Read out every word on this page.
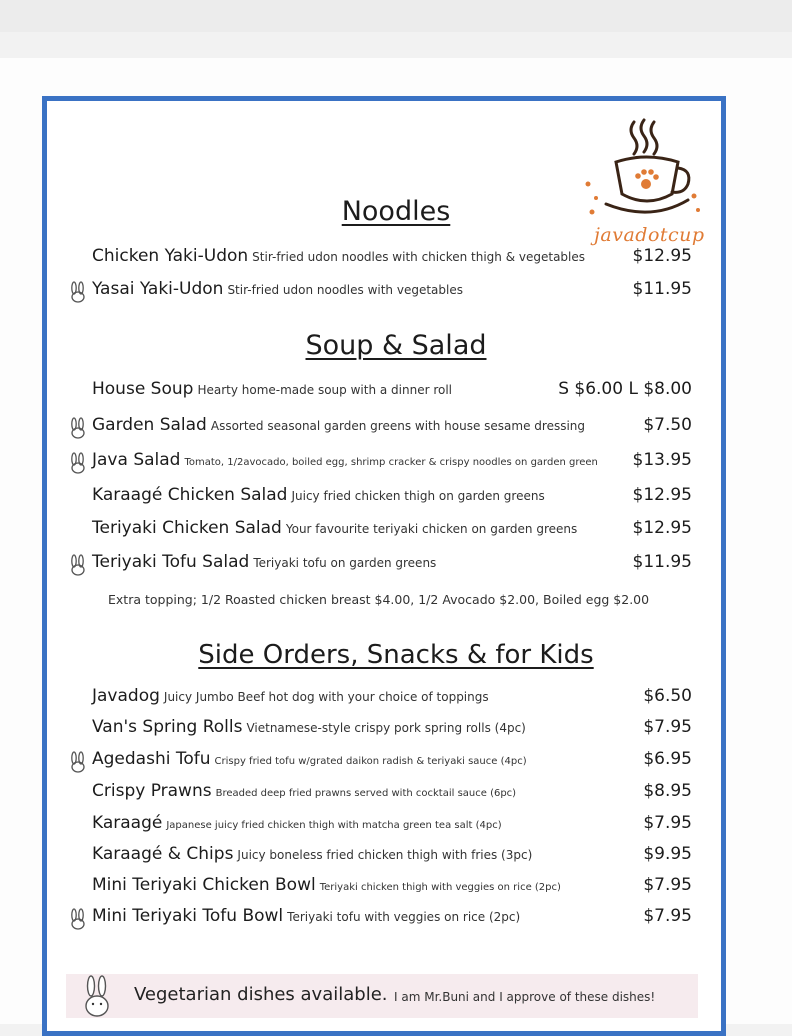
javadotcup
Noodles
Chicken Yaki-Udon Stir-fried udon noodles with chicken thigh & vegetables	$12.95
Yasai Yaki-Udon Stir-fried udon noodles with vegetables	$11.95
Soup & Salad
House Soup Hearty home-made soup with a dinner roll	S $6.00 L $8.00
Garden Salad Assorted seasonal garden greens with house sesame dressing	$7.50
Java Salad Tomato, 1/2avocado, boiled egg, shrimp cracker & crispy noodles on garden green $13.95
Karaagé Chicken Salad Juicy fried chicken thigh on garden greens	$12.95
Teriyaki Chicken Salad Your favourite teriyaki chicken on garden greens	$12.95
Teriyaki Tofu Salad Teriyaki tofu on garden greens	$11.95
Extra topping; 1/2 Roasted chicken breast $4.00, 1/2 Avocado $2.00, Boiled egg $2.00
Side Orders, Snacks & for Kids
Javadog Juicy Jumbo Beef hot dog with your choice of toppings	$6.50
Van's Spring Rolls Vietnamese-style crispy pork spring rolls (4pc)	$7.95
Agedashi Tofu Crispy fried tofu w/grated daikon radish & teriyaki sauce (4pc)	$6.95
Crispy Prawns Breaded deep fried prawns served with cocktail sauce (6pc)	$8.95
Karaagé Japanese juicy fried chicken thigh with matcha green tea salt (4pc)	$7.95
Karaagé & Chips Juicy boneless fried chicken thigh with fries (3pc)	$9.95
Mini Teriyaki Chicken Bowl Teriyaki chicken thigh with veggies on rice (2pc)	$7.95
Mini Teriyaki Tofu Bowl Teriyaki tofu with veggies on rice (2pc)	$7.95
Vegetarian dishes available. I am Mr.Buni and I approve of these dishes!
